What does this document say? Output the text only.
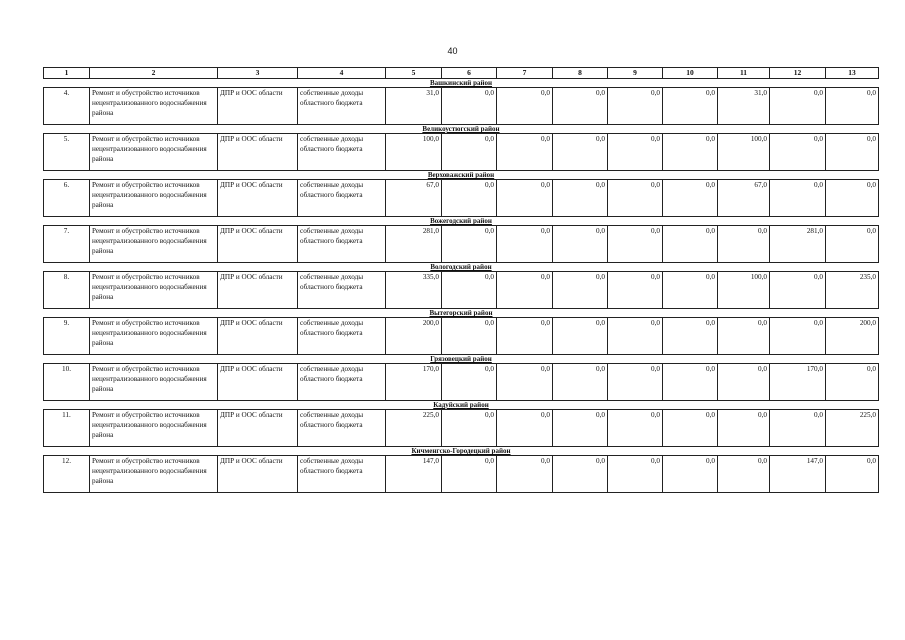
40
1	2	3	4	5	6	7	8	9	10	11	12	13
Вашкинский район												
4.	Ремонт и обустройство источников нецентрализованного водоснабжения района	ДПР и ООС области	собственные доходы областного бюджета	31,0	0,0	0,0	0,0	0,0	0,0	31,0	0,0	0,0
Великоустюгский район												
5.	Ремонт и обустройство источников нецентрализованного водоснабжения района	ДПР и ООС области	собственные доходы областного бюджета	100,0	0,0	0,0	0,0	0,0	0,0	100,0	0,0	0,0
Верховажский район												
6.	Ремонт и обустройство источников нецентрализованного водоснабжения района	ДПР и ООС области	собственные доходы областного бюджета	67,0	0,0	0,0	0,0	0,0	0,0	67,0	0,0	0,0
Вожегодский район												
7.	Ремонт и обустройство источников нецентрализованного водоснабжения района	ДПР и ООС области	собственные доходы областного бюджета	281,0	0,0	0,0	0,0	0,0	0,0	0,0	281,0	0,0
Вологодский район												
8.	Ремонт и обустройство источников нецентрализованного водоснабжения района	ДПР и ООС области	собственные доходы областного бюджета	335,0	0,0	0,0	0,0	0,0	0,0	100,0	0,0	235,0
Вытегорский район												
9.	Ремонт и обустройство источников нецентрализованного водоснабжения района	ДПР и ООС области	собственные доходы областного бюджета	200,0	0,0	0,0	0,0	0,0	0,0	0,0	0,0	200,0
Грязовецкий район												
10.	Ремонт и обустройство источников нецентрализованного водоснабжения района	ДПР и ООС области	собственные доходы областного бюджета	170,0	0,0	0,0	0,0	0,0	0,0	0,0	170,0	0,0
Кадуйский район												
11.	Ремонт и обустройство источников нецентрализованного водоснабжения района	ДПР и ООС области	собственные доходы областного бюджета	225,0	0,0	0,0	0,0	0,0	0,0	0,0	0,0	225,0
Кичменгско-Городецкий район												
12.	Ремонт и обустройство источников нецентрализованного водоснабжения района	ДПР и ООС области	собственные доходы областного бюджета	147,0	0,0	0,0	0,0	0,0	0,0	0,0	147,0	0,0
